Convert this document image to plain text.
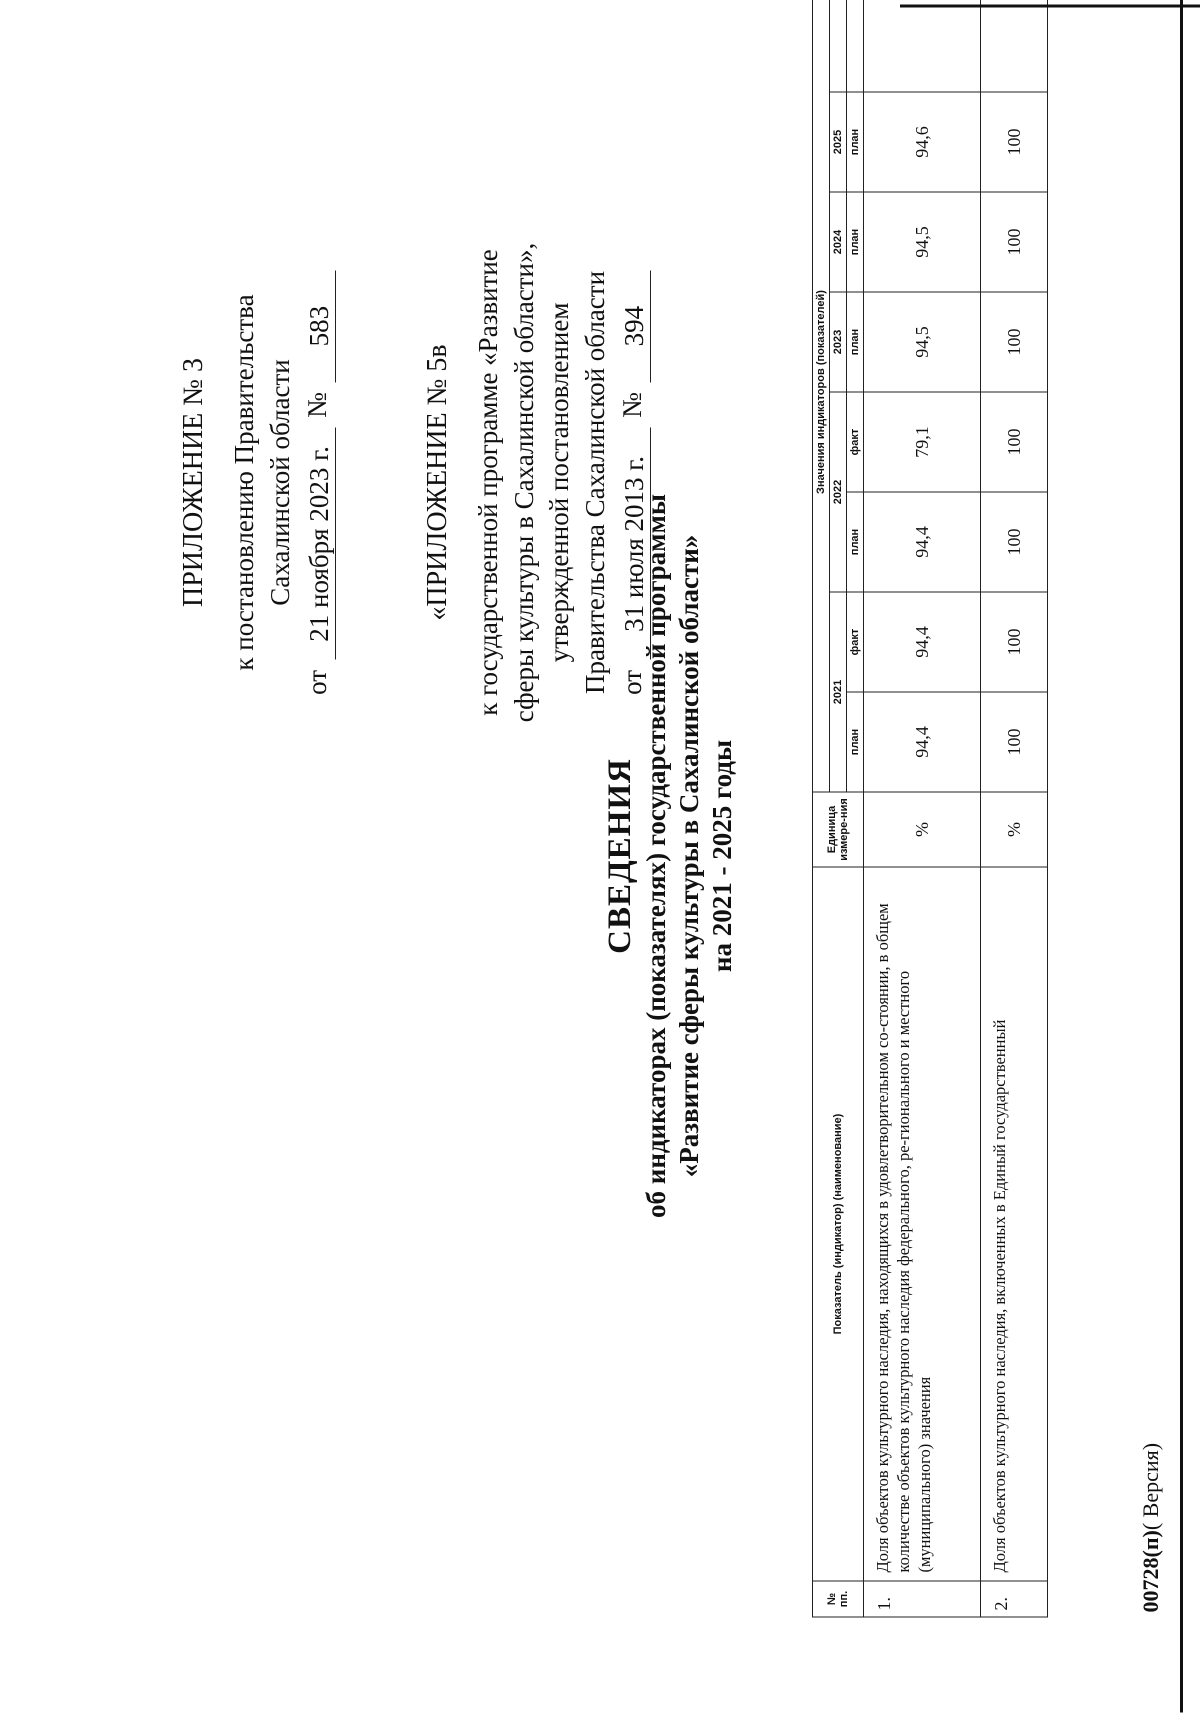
ПРИЛОЖЕНИЕ № 3 к постановлению Правительства Сахалинской области
от
21 ноября 2023 г.
№
583
«ПРИЛОЖЕНИЕ № 5в к государственной программе «Развитие сферы культуры в Сахалинской области», утвержденной постановлением Правительства Сахалинской области от
31 июля 2013 г.
№
394
СВЕДЕНИЯ об индикаторах (показателях) государственной программы «Развитие сферы культуры в Сахалинской области» на 2021 - 2025 годы
№ пп.	Показатель (индикатор) (наименование)	Единица измере-ния	Значения индикаторов (показателей)							
			2021		2022		2023	2024	2025	
			план	факт	план	факт	план	план	план	
1.	Доля объектов культурного наследия, находящихся в удовлетворительном со-стоянии, в общем количестве объектов культурного наследия федерального, ре-гионального и местного (муниципального) значения	%	94,4	94,4	94,4	79,1	94,5	94,5	94,6	
2.	Доля объектов культурного наследия, включенных в Единый государственный	%	100	100	100	100	100	100	100	
00728(п)( Версия)
